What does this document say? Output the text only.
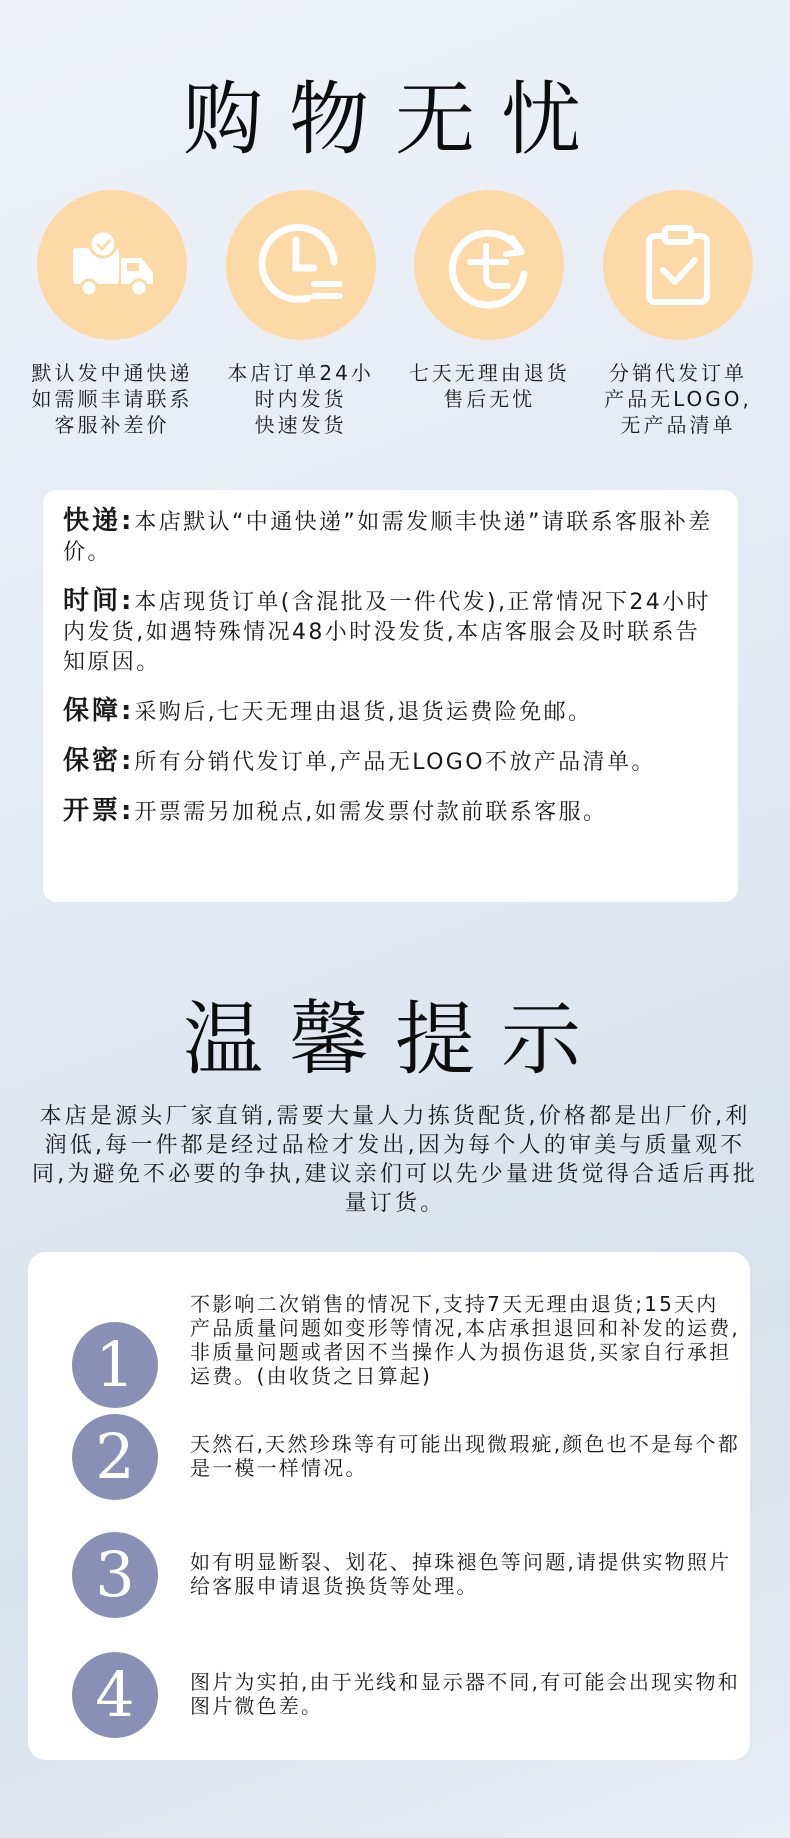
购物无忧
默认发中通快递
如需顺丰请联系
客服补差价
本店订单24小
时内发货
快速发货
七天无理由退货
售后无忧
分销代发订单
产品无LOGO,
无产品清单

快递:本店默认“中通快递”如需发顺丰快递”请联系客服补差价。

时间:本店现货订单(含混批及一件代发),正常情况下24小时内发货,如遇特殊情况48小时没发货,本店客服会及时联系告知原因。

保障:采购后,七天无理由退货,退货运费险免邮。

保密:所有分销代发订单,产品无LOGO不放产品清单。

开票:开票需另加税点,如需发票付款前联系客服。

温馨提示

本店是源头厂家直销,需要大量人力拣货配货,价格都是出厂价,利润低,每一件都是经过品检才发出,因为每个人的审美与质量观不同,为避免不必要的争执,建议亲们可以先少量进货觉得合适后再批量订货。

1
不影响二次销售的情况下,支持7天无理由退货;15天内产品质量问题如变形等情况,本店承担退回和补发的运费,非质量问题或者因不当操作人为损伤退货,买家自行承担运费。(由收货之日算起)
2	天然石,天然珍珠等有可能出现微瑕疵,颜色也不是每个都是一模一样情况。
3	如有明显断裂、划花、掉珠褪色等问题,请提供实物照片给客服申请退货换货等处理。
4	图片为实拍,由于光线和显示器不同,有可能会出现实物和图片微色差。
